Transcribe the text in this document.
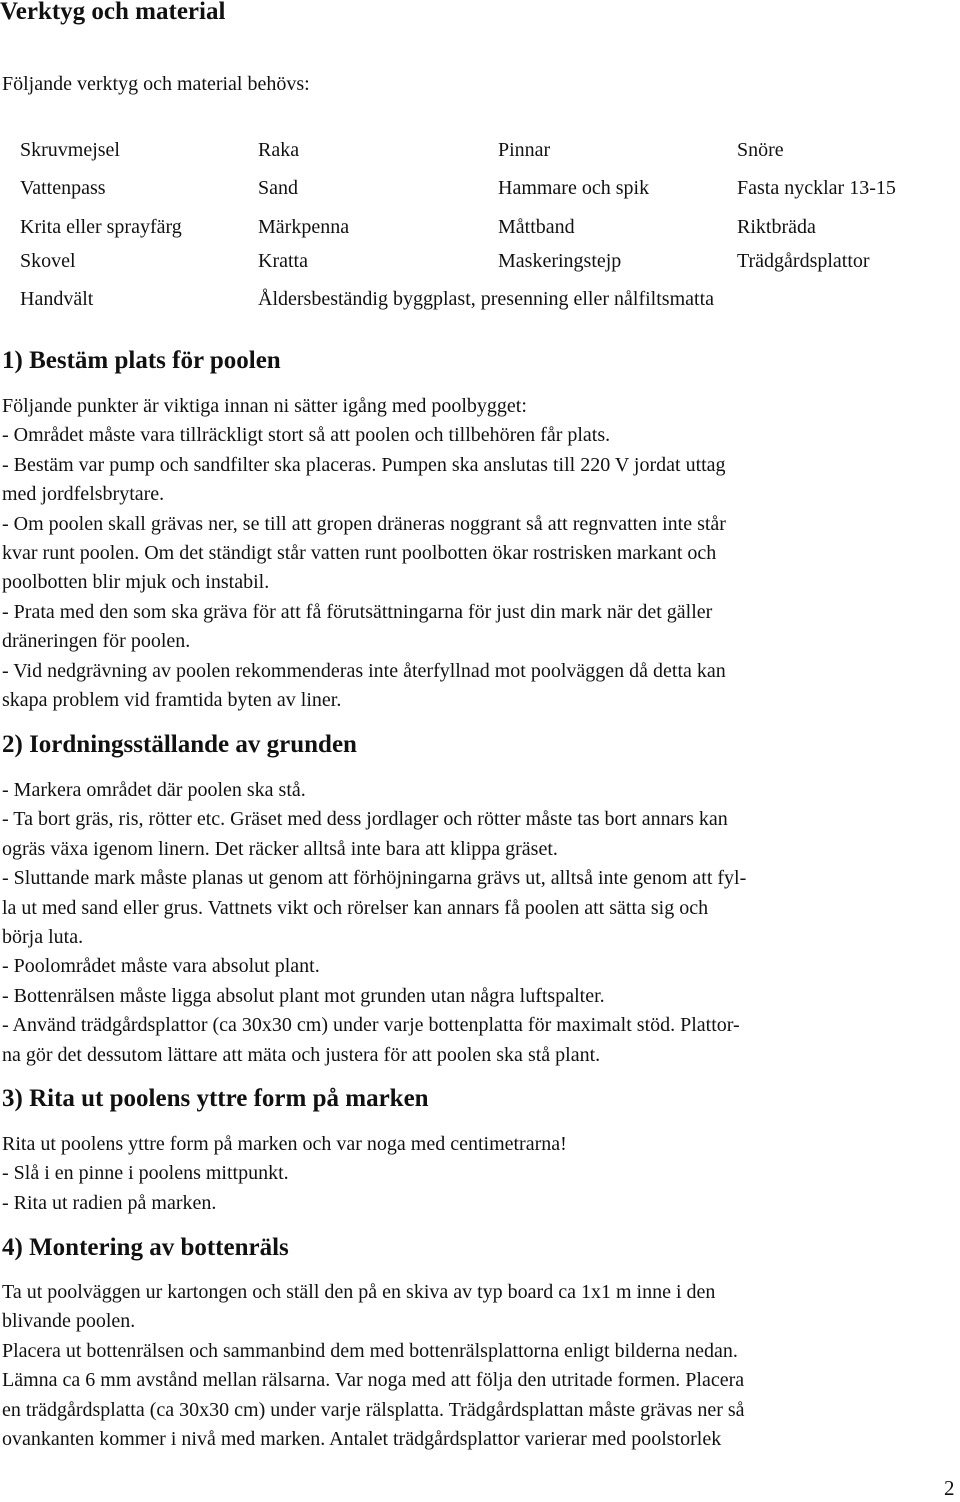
Verktyg och material
Följande verktyg och material behövs:
Skruvmejsel	Raka	Pinnar	Snöre
Vattenpass	Sand	Hammare och spik	Fasta nycklar 13-15
Krita eller sprayfärg	Märkpenna	Måttband	Riktbräda
Skovel	Kratta	Maskeringstejp	Trädgårdsplattor
Handvält	Åldersbeständig byggplast, presenning eller nålfiltsmatta
1) Bestäm plats för poolen

Följande punkter är viktiga innan ni sätter igång med poolbygget:

- Området måste vara tillräckligt stort så att poolen och tillbehören får plats.

- Bestäm var pump och sandfilter ska placeras. Pumpen ska anslutas till 220 V jordat uttag

med jordfelsbrytare.

- Om poolen skall grävas ner, se till att gropen dräneras noggrant så att regnvatten inte står

kvar runt poolen. Om det ständigt står vatten runt poolbotten ökar rostrisken markant och

poolbotten blir mjuk och instabil.

- Prata med den som ska gräva för att få förutsättningarna för just din mark när det gäller

dräneringen för poolen.

- Vid nedgrävning av poolen rekommenderas inte återfyllnad mot poolväggen då detta kan

skapa problem vid framtida byten av liner.

2) Iordningsställande av grunden

- Markera området där poolen ska stå.

- Ta bort gräs, ris, rötter etc. Gräset med dess jordlager och rötter måste tas bort annars kan

ogräs växa igenom linern. Det räcker alltså inte bara att klippa gräset.

- Sluttande mark måste planas ut genom att förhöjningarna grävs ut, alltså inte genom att fyl-

la ut med sand eller grus. Vattnets vikt och rörelser kan annars få poolen att sätta sig och

börja luta.

- Poolområdet måste vara absolut plant.

- Bottenrälsen måste ligga absolut plant mot grunden utan några luftspalter.

- Använd trädgårdsplattor (ca 30x30 cm) under varje bottenplatta för maximalt stöd. Plattor-

na gör det dessutom lättare att mäta och justera för att poolen ska stå plant.

3) Rita ut poolens yttre form på marken

Rita ut poolens yttre form på marken och var noga med centimetrarna!

- Slå i en pinne i poolens mittpunkt.

- Rita ut radien på marken.

4) Montering av bottenräls

Ta ut poolväggen ur kartongen och ställ den på en skiva av typ board ca 1x1 m inne i den

blivande poolen.

Placera ut bottenrälsen och sammanbind dem med bottenrälsplattorna enligt bilderna nedan.

Lämna ca 6 mm avstånd mellan rälsarna. Var noga med att följa den utritade formen. Placera

en trädgårdsplatta (ca 30x30 cm) under varje rälsplatta. Trädgårdsplattan måste grävas ner så

ovankanten kommer i nivå med marken. Antalet trädgårdsplattor varierar med poolstorlek

2
